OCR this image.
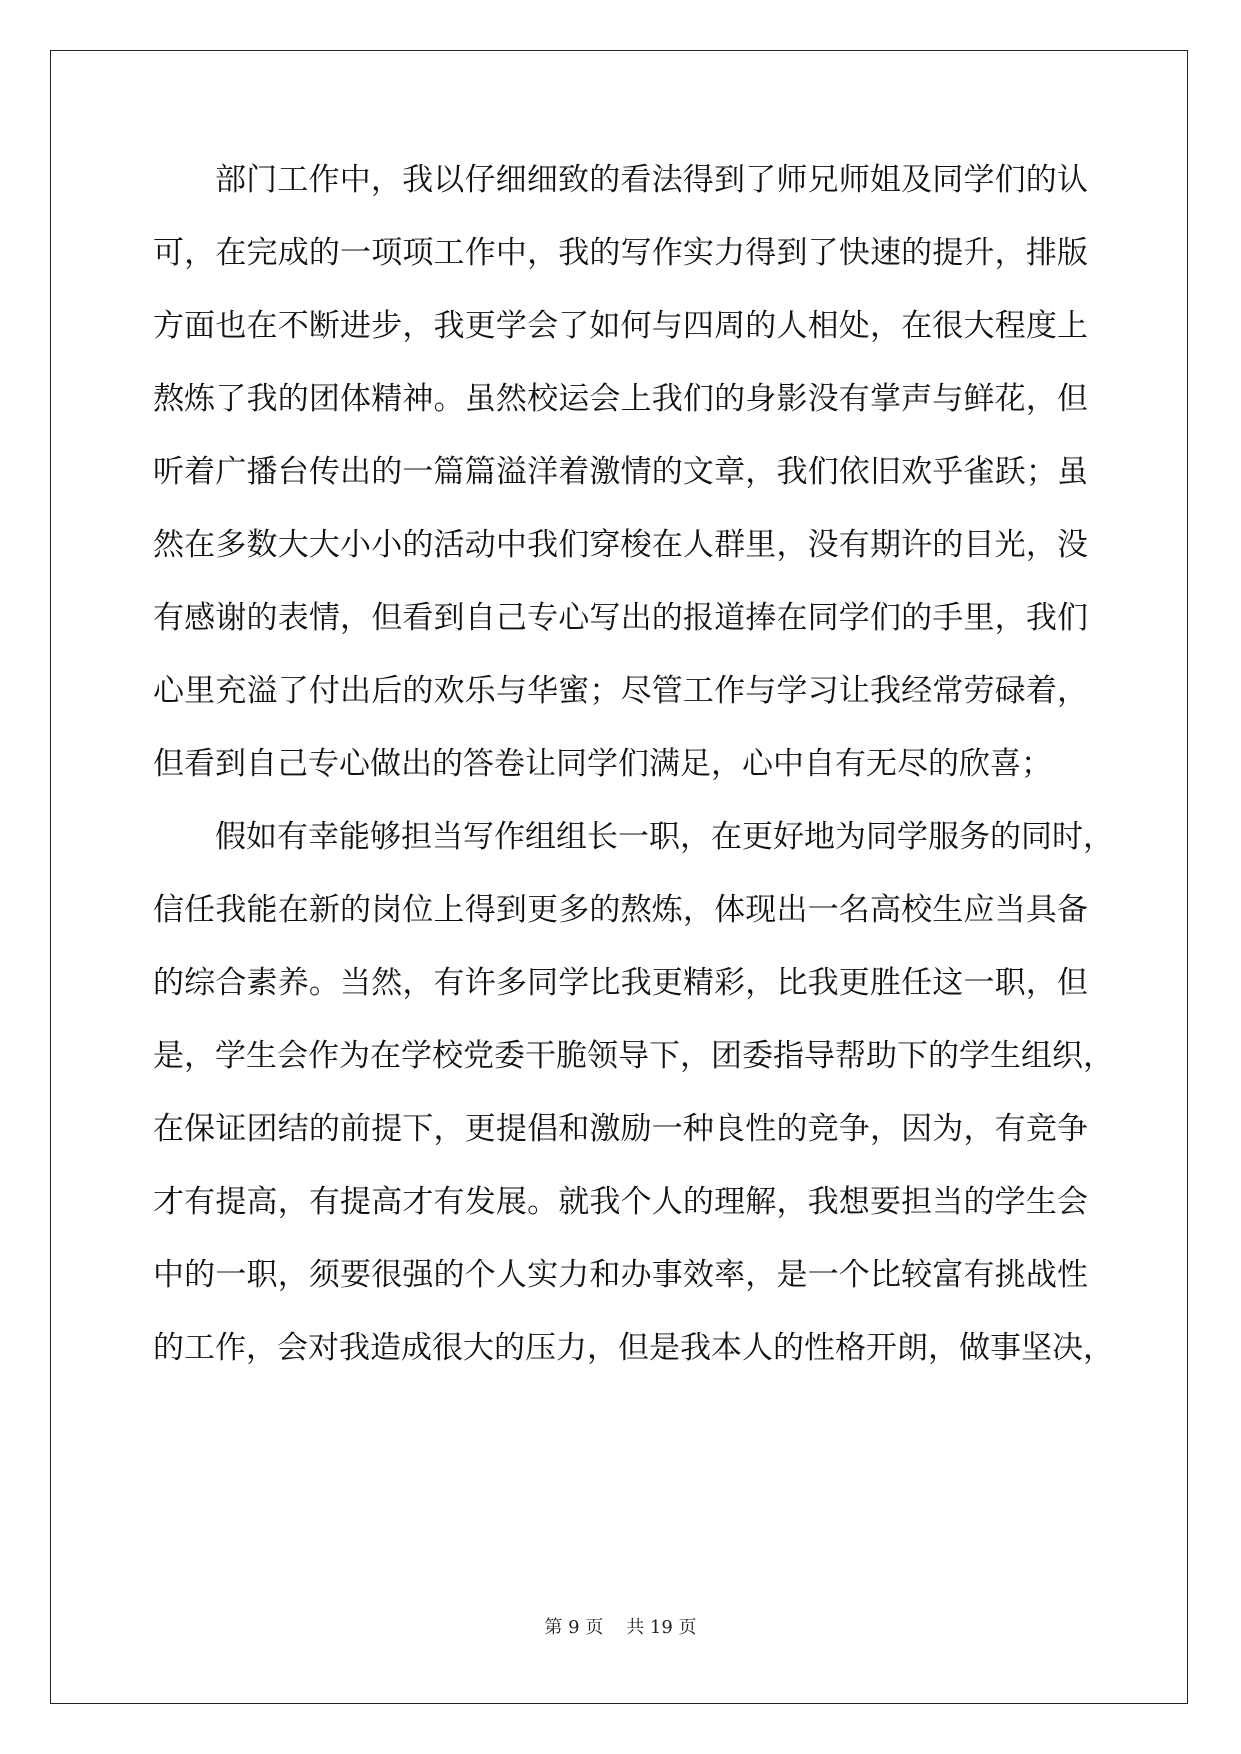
部门工作中，我以仔细细致的看法得到了师兄师姐及同学们的认
可，在完成的一项项工作中，我的写作实力得到了快速的提升，排版
方面也在不断进步，我更学会了如何与四周的人相处，在很大程度上
熬炼了我的团体精神。虽然校运会上我们的身影没有掌声与鲜花，但
听着广播台传出的一篇篇溢洋着激情的文章，我们依旧欢乎雀跃；虽
然在多数大大小小的活动中我们穿梭在人群里，没有期许的目光，没
有感谢的表情，但看到自己专心写出的报道捧在同学们的手里，我们
心里充溢了付出后的欢乐与华蜜；尽管工作与学习让我经常劳碌着，
但看到自己专心做出的答卷让同学们满足，心中自有无尽的欣喜；
假如有幸能够担当写作组组长一职，在更好地为同学服务的同时，
信任我能在新的岗位上得到更多的熬炼，体现出一名高校生应当具备
的综合素养。当然，有许多同学比我更精彩，比我更胜任这一职，但
是，学生会作为在学校党委干脆领导下，团委指导帮助下的学生组织，
在保证团结的前提下，更提倡和激励一种良性的竞争，因为，有竞争
才有提高，有提高才有发展。就我个人的理解，我想要担当的学生会
中的一职，须要很强的个人实力和办事效率，是一个比较富有挑战性
的工作，会对我造成很大的压力，但是我本人的性格开朗，做事坚决，
第 9 页    共 19 页
